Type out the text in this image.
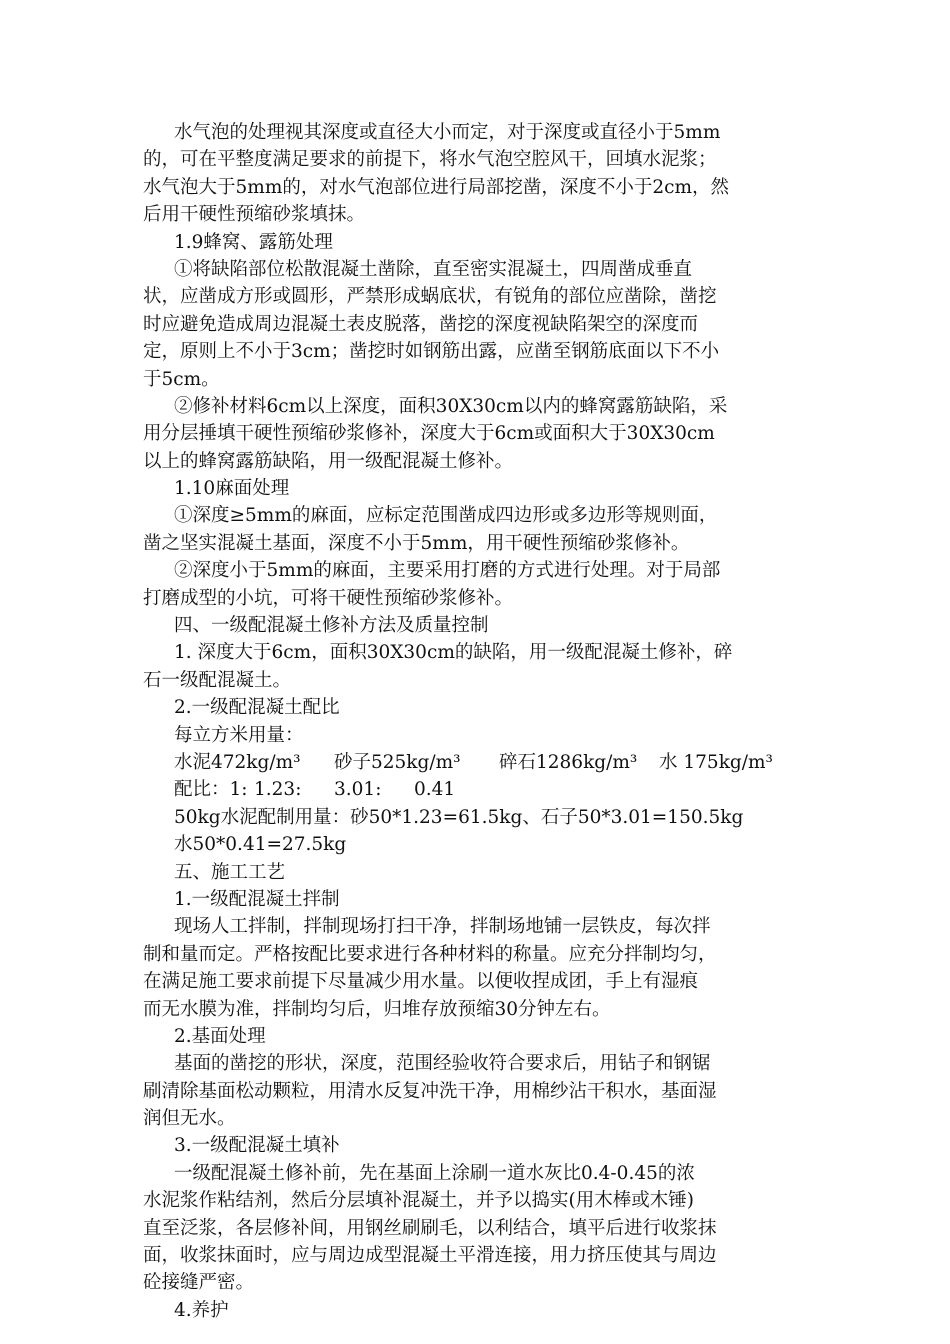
水气泡的处理视其深度或直径大小而定，对于深度或直径小于5mm
的，可在平整度满足要求的前提下，将水气泡空腔风干，回填水泥浆；
水气泡大于5mm的，对水气泡部位进行局部挖凿，深度不小于2cm，然
后用干硬性预缩砂浆填抹。
1.9蜂窝、露筋处理
①将缺陷部位松散混凝土凿除，直至密实混凝土，四周凿成垂直
状，应凿成方形或圆形，严禁形成蜗底状，有锐角的部位应凿除，凿挖
时应避免造成周边混凝土表皮脱落，凿挖的深度视缺陷架空的深度而
定，原则上不小于3cm；凿挖时如钢筋出露，应凿至钢筋底面以下不小
于5cm。
②修补材料6cm以上深度，面积30X30cm以内的蜂窝露筋缺陷，采
用分层捶填干硬性预缩砂浆修补，深度大于6cm或面积大于30X30cm
以上的蜂窝露筋缺陷，用一级配混凝土修补。
1.10麻面处理
①深度≥5mm的麻面，应标定范围凿成四边形或多边形等规则面，
凿之坚实混凝土基面，深度不小于5mm，用干硬性预缩砂浆修补。
②深度小于5mm的麻面，主要采用打磨的方式进行处理。对于局部
打磨成型的小坑，可将干硬性预缩砂浆修补。
四、一级配混凝土修补方法及质量控制
1. 深度大于6cm，面积30X30cm的缺陷，用一级配混凝土修补，碎
石一级配混凝土。
2.一级配混凝土配比
每立方米用量：
水泥472kg/m³ 砂子525kg/m³ 碎石1286kg/m³ 水 175kg/m³
配比：1: 1.23: 3.01: 0.41
50kg水泥配制用量：砂50*1.23=61.5kg、石子50*3.01=150.5kg
水50*0.41=27.5kg
五、施工工艺
1.一级配混凝土拌制
现场人工拌制，拌制现场打扫干净，拌制场地铺一层铁皮，每次拌
制和量而定。严格按配比要求进行各种材料的称量。应充分拌制均匀，
在满足施工要求前提下尽量减少用水量。以便收捏成团，手上有湿痕
而无水膜为准，拌制均匀后，归堆存放预缩30分钟左右。
2.基面处理
基面的凿挖的形状，深度，范围经验收符合要求后，用钻子和钢锯
刷清除基面松动颗粒，用清水反复冲洗干净，用棉纱沾干积水，基面湿
润但无水。
3.一级配混凝土填补
一级配混凝土修补前，先在基面上涂刷一道水灰比0.4-0.45的浓
水泥浆作粘结剂，然后分层填补混凝土，并予以捣实(用木棒或木锤)
直至泛浆，各层修补间，用钢丝刷刷毛，以利结合，填平后进行收浆抹
面，收浆抹面时，应与周边成型混凝土平滑连接，用力挤压使其与周边
砼接缝严密。
4.养护
